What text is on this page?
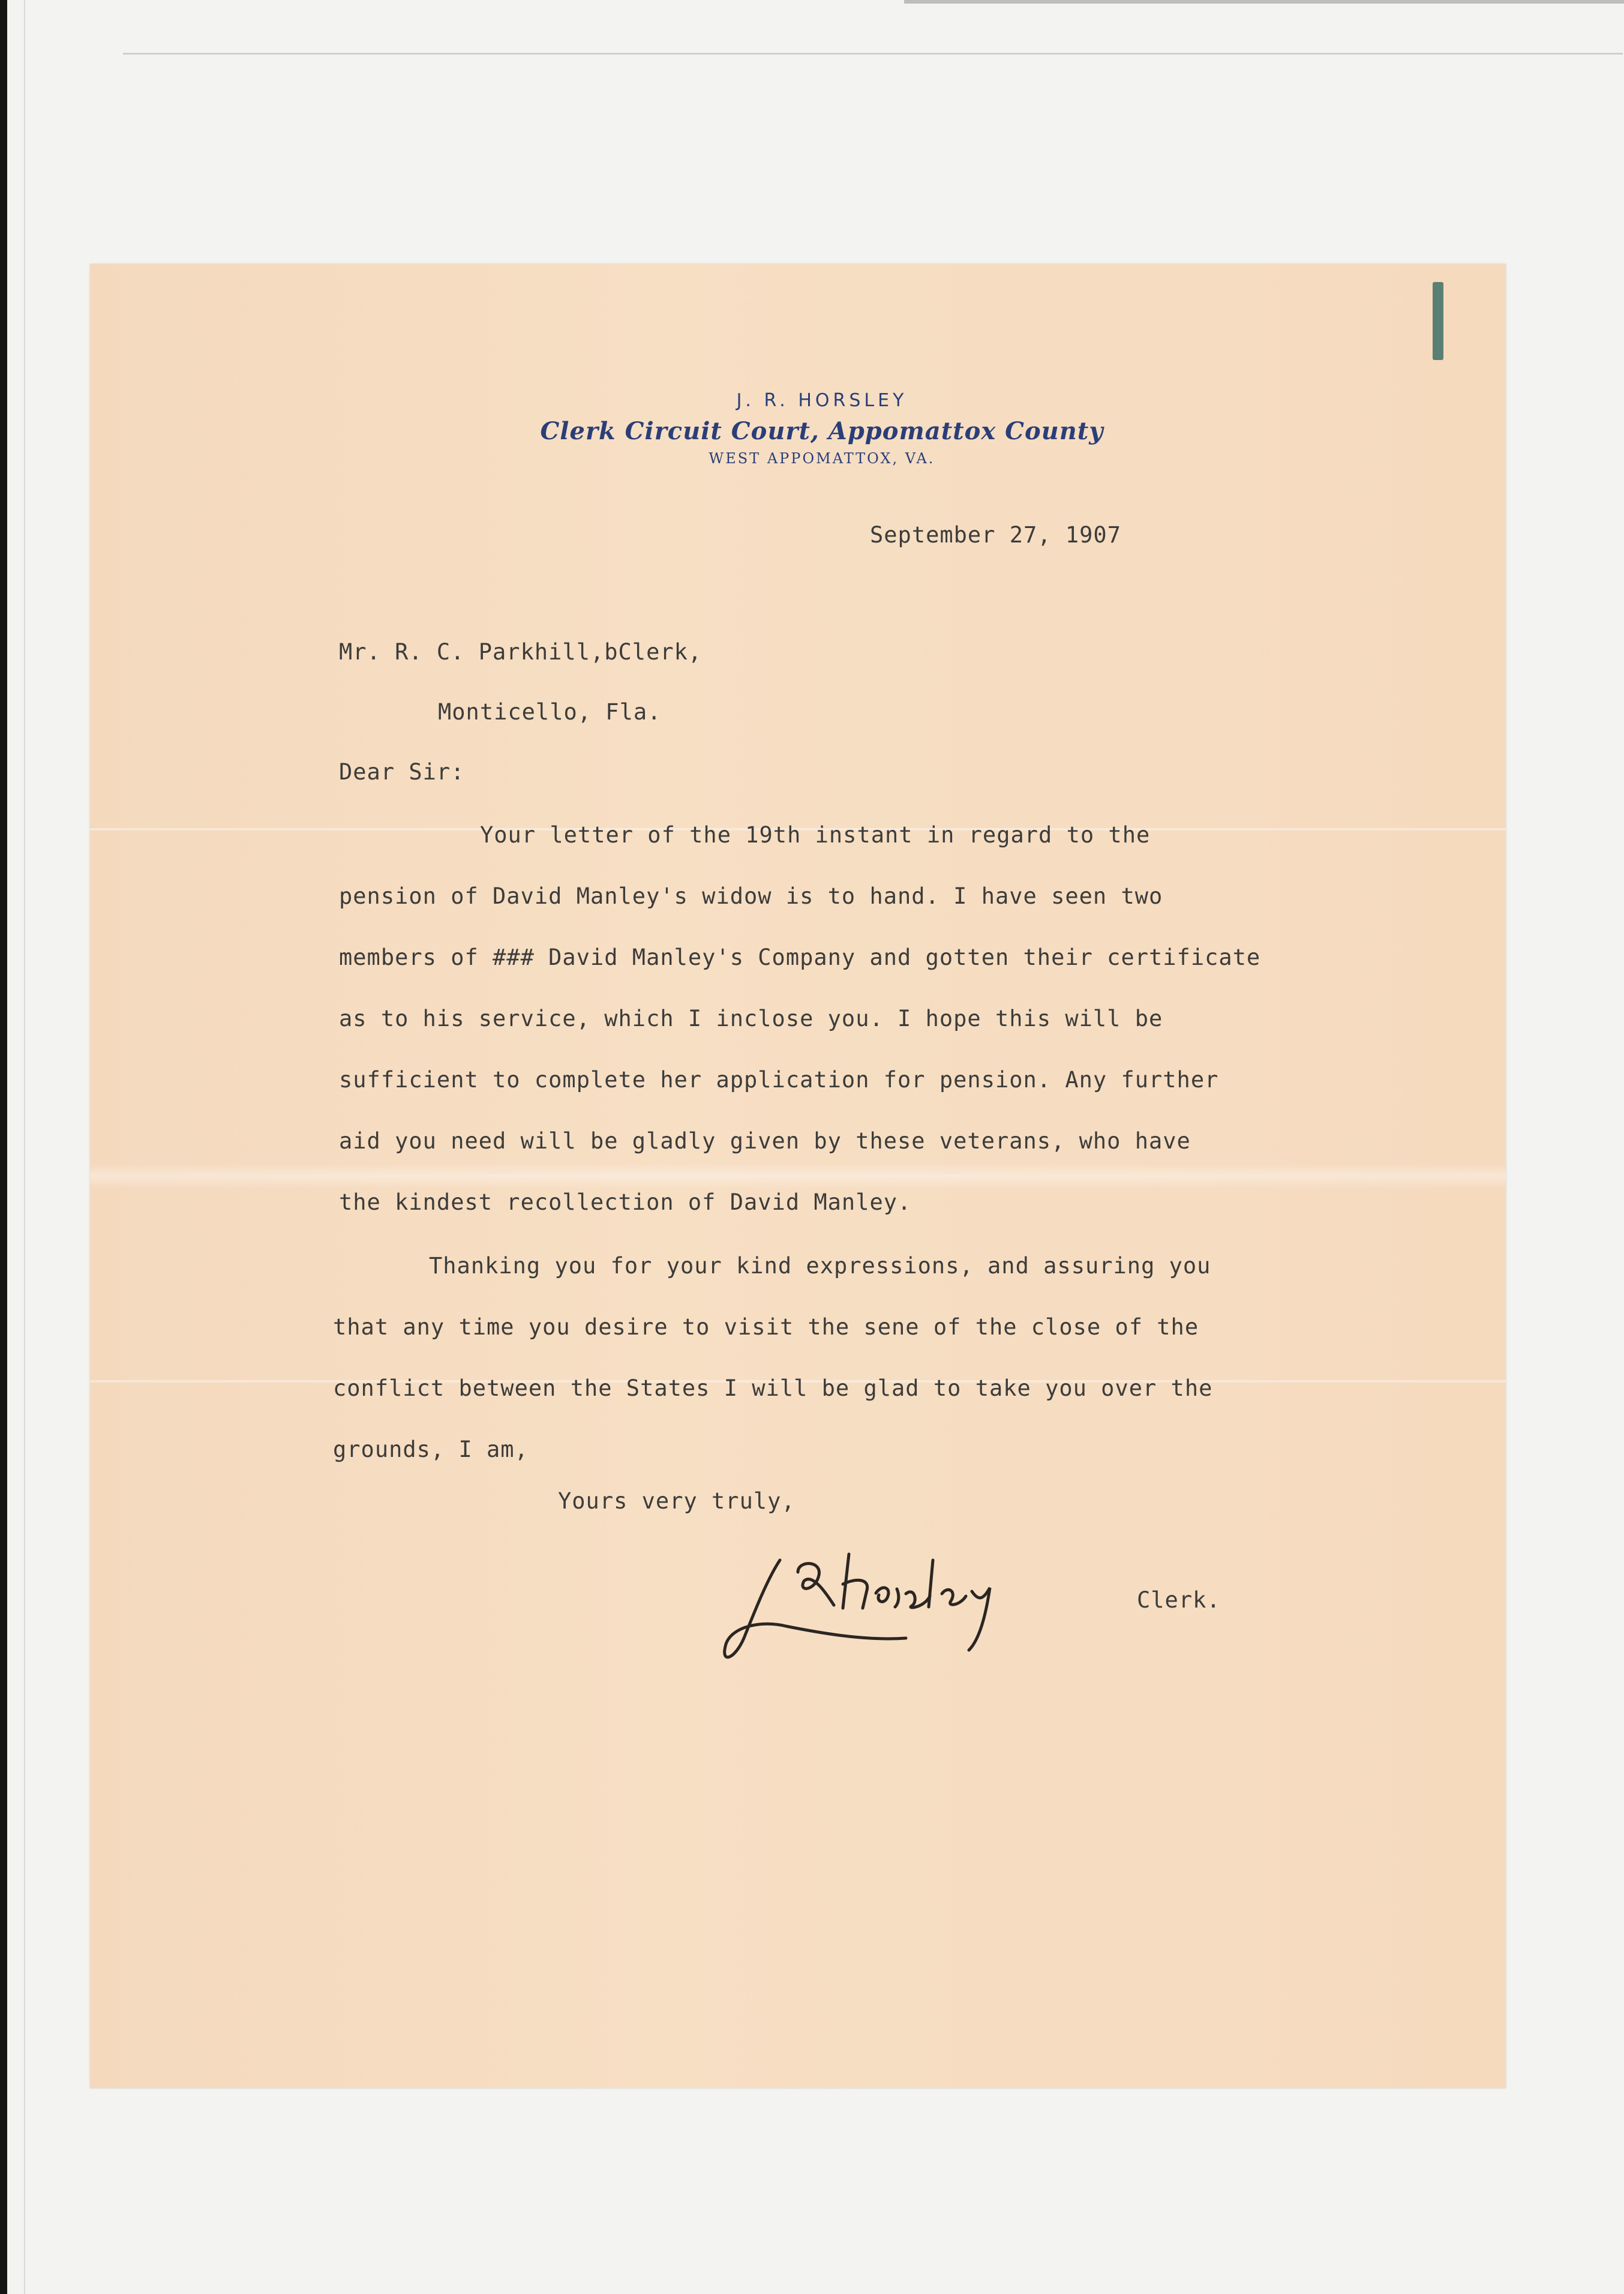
J. R. HORSLEY
Clerk Circuit Court, Appomattox County
WEST APPOMATTOX, VA.
September 27, 1907
Mr. R. C. Parkhill,bClerk,
Monticello, Fla.
Dear Sir:
Your letter of the 19th instant in regard to the
pension of David Manley's widow is to hand. I have seen two
members of ### David Manley's Company and gotten their certificate
as to his service, which I inclose you. I hope this will be
sufficient to complete her application for pension. Any further
aid you need will be gladly given by these veterans, who have
the kindest recollection of David Manley.
Thanking you for your kind expressions, and assuring you
that any time you desire to visit the sene of the close of the
conflict between the States I will be glad to take you over the
grounds, I am,
Yours very truly,
Clerk.
